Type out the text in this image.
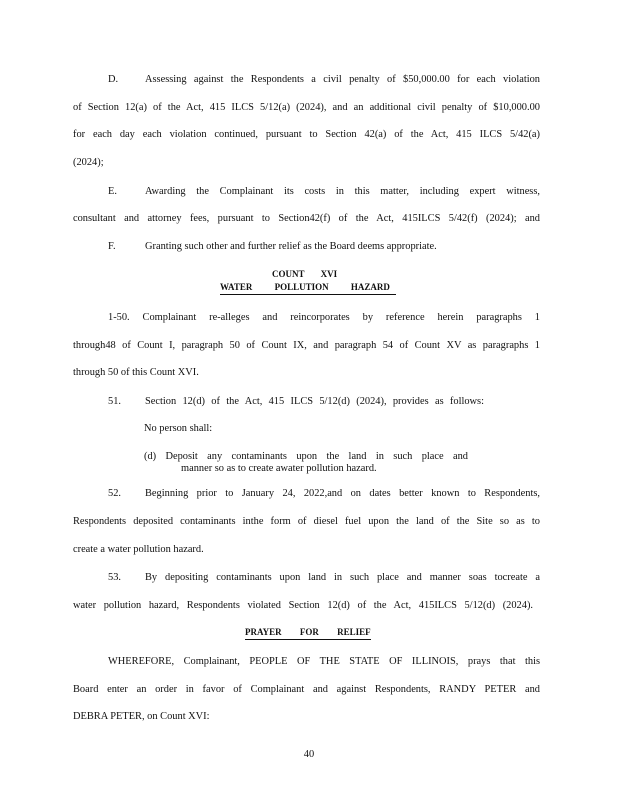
D.	Assessing against the Respondents a civil penalty of $50,000.00 for each violation
of Section 12(a) of the Act, 415 ILCS 5/12(a) (2024), and an additional civil penalty of $10,000.00
for each day each violation continued, pursuant to Section 42(a) of the Act, 415 ILCS 5/42(a)
(2024);
E.	Awarding the Complainant its costs in this matter, including expert witness,
consultant and attorney fees, pursuant to Section42(f) of the Act, 415ILCS 5/42(f) (2024); and
F.	Granting such other and further relief as the Board deems appropriate.
COUNT XVI
WATER POLLUTION HAZARD
1-50. Complainant re-alleges and reincorporates by reference herein paragraphs 1
through48 of Count I, paragraph 50 of Count IX, and paragraph 54 of Count XV as paragraphs 1
through 50 of this Count XVI.
51. Section 12(d) of the Act, 415 ILCS 5/12(d) (2024), provides as follows:
No person shall:
(d) Deposit any contaminants upon the land in such place and
manner so as to create awater pollution hazard.
52. Beginning prior to January 24, 2022,and on dates better known to Respondents,
Respondents deposited contaminants inthe form of diesel fuel upon the land of the Site so as to
create a water pollution hazard.
53. By depositing contaminants upon land in such place and manner soas tocreate a
water pollution hazard, Respondents violated Section 12(d) of the Act, 415ILCS 5/12(d) (2024).
PRAYER FOR RELIEF
WHEREFORE, Complainant, PEOPLE OF THE STATE OF ILLINOIS, prays that this
Board enter an order in favor of Complainant and against Respondents, RANDY PETER and
DEBRA PETER, on Count XVI:
40
